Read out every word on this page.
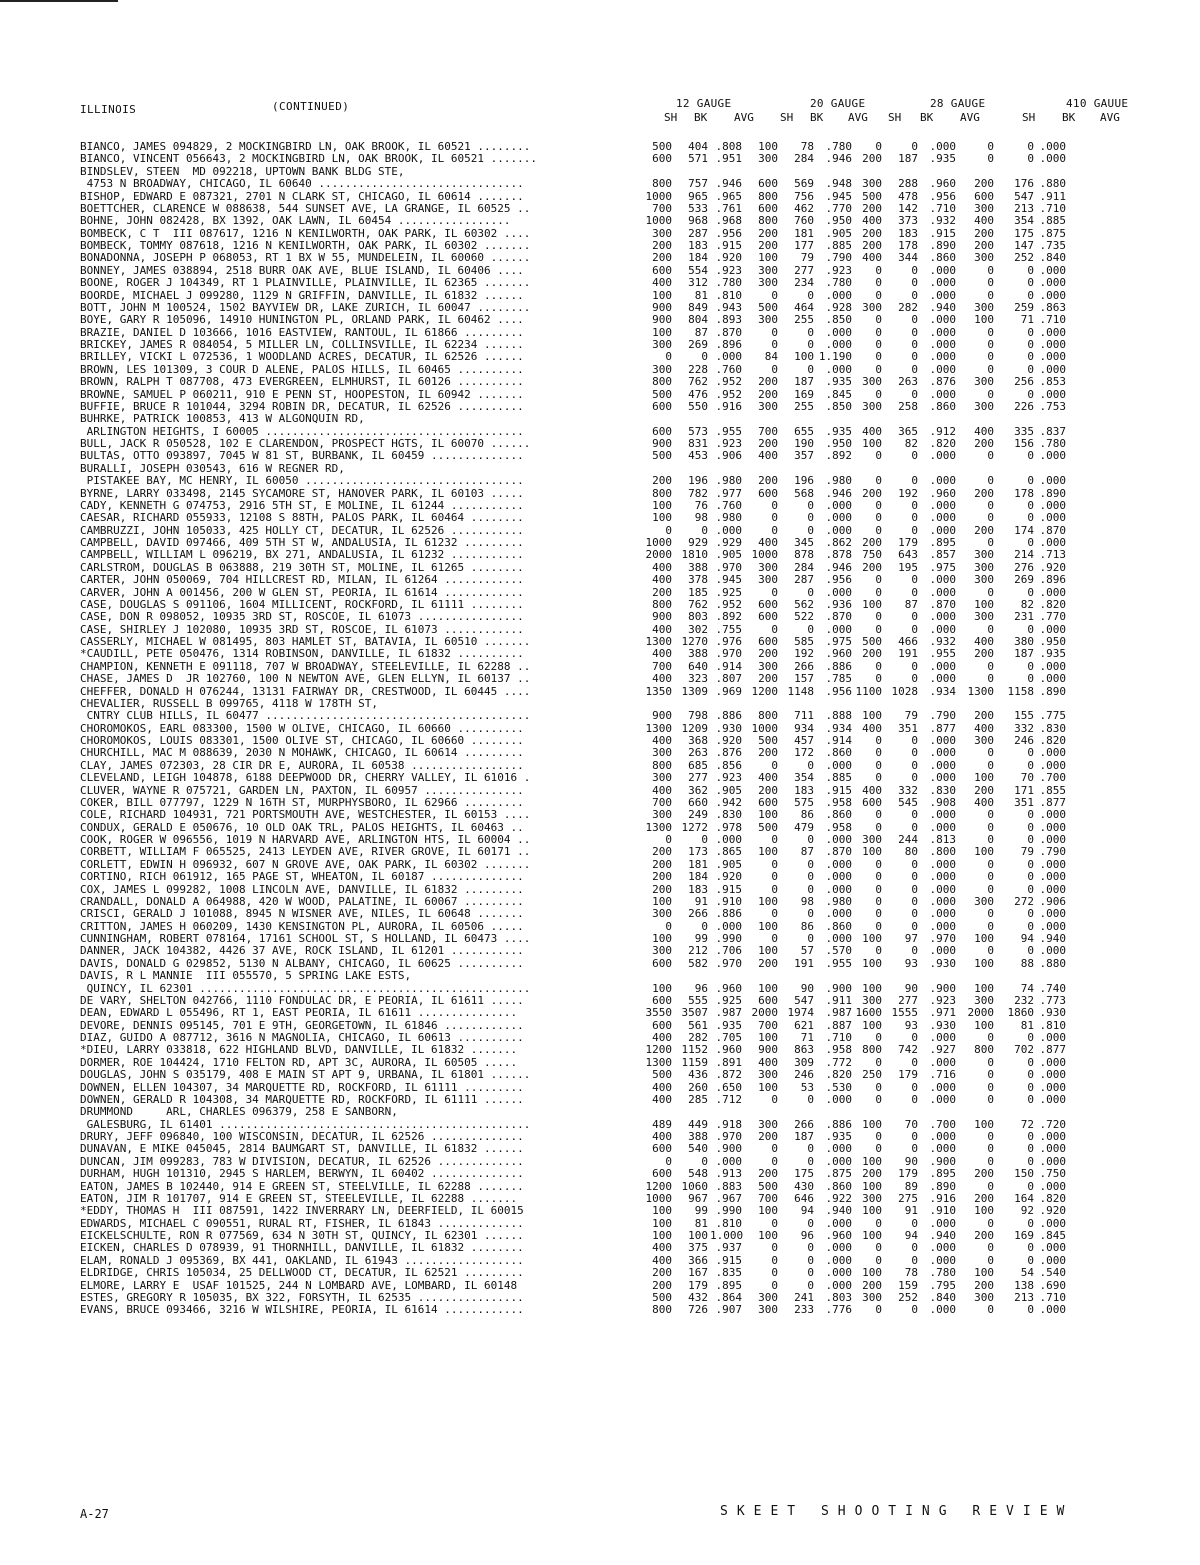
ILLINOIS	(CONTINUED)	12 GAUGE	20 GAUGE	28 GAUGE	410 GAUUE
SH BK AVG SH BK AVG SH BK AVG	SH BK AVG
BIANCO, JAMES 094829, 2 MOCKINGBIRD LN, OAK BROOK, IL 60521 ........	500	404 .808	100	78	.780	0	0	.000	0	0 .000
BIANCO, VINCENT 056643, 2 MOCKINGBIRD LN, OAK BROOK, IL 60521 .......	600	571 .951	300	284	.946 200	187	.935	0	0 .000
BINDSLEV, STEEN  MD 092218, UPTOWN BANK BLDG STE,
4753 N BROADWAY, CHICAGO, IL 60640 ...............................	800	757 .946	600	569	.948 300	288	.960	200	176 .880
BISHOP, EDWARD E 087321, 2701 N CLARK ST, CHICAGO, IL 60614 .......	1000	965 .965	800	756	.945 500	478	.956	600	547 .911
BOETTCHER, CLARENCE W 088638, 544 SUNSET AVE, LA GRANGE, IL 60525 ..	700	533 .761	600	462	.770 200	142	.710	300	213 .710
BOHNE, JOHN 082428, BX 1392, OAK LAWN, IL 60454 .................	1000	968 .968	800	760	.950 400	373	.932	400	354 .885
BOMBECK, C T  III 087617, 1216 N KENILWORTH, OAK PARK, IL 60302 ....	300	287 .956	200	181	.905 200	183	.915	200	175 .875
BOMBECK, TOMMY 087618, 1216 N KENILWORTH, OAK PARK, IL 60302 .......	200	183 .915	200	177	.885 200	178	.890	200	147 .735
BONADONNA, JOSEPH P 068053, RT 1 BX W 55, MUNDELEIN, IL 60060 ......	200	184 .920	100	79	.790 400	344	.860	300	252 .840
BONNEY, JAMES 038894, 2518 BURR OAK AVE, BLUE ISLAND, IL 60406 ....	600	554 .923	300	277	.923	0	0	.000	0	0 .000
BOONE, ROGER J 104349, RT 1 PLAINVILLE, PLAINVILLE, IL 62365 .......	400	312 .780	300	234	.780	0	0	.000	0	0 .000
BOORDE, MICHAEL J 099280, 1129 N GRIFFIN, DANVILLE, IL 61832 ......	100	81 .810	0	0	.000	0	0	.000	0	0 .000
BOTT, JOHN M 100524, 1502 BAYVIEW DR, LAKE ZURICH, IL 60047 ........	900	849 .943	500	464	.928 300	282	.940	300	259 .863
BOYE, GARY R 105096, 14910 HUNINGTON PL, ORLAND PARK, IL 60462 ....	900	804 .893	300	255	.850	0	0	.000	100	71 .710
BRAZIE, DANIEL D 103666, 1016 EASTVIEW, RANTOUL, IL 61866 .........	100	87 .870	0	0	.000	0	0	.000	0	0 .000
BRICKEY, JAMES R 084054, 5 MILLER LN, COLLINSVILLE, IL 62234 ......	300	269 .896	0	0	.000	0	0	.000	0	0 .000
BRILLEY, VICKI L 072536, 1 WOODLAND ACRES, DECATUR, IL 62526 ......	0	0 .000	84	100 1.190	0	0	.000	0	0 .000
BROWN, LES 101309, 3 COUR D ALENE, PALOS HILLS, IL 60465 ..........	300	228 .760	0	0	.000	0	0	.000	0	0 .000
BROWN, RALPH T 087708, 473 EVERGREEN, ELMHURST, IL 60126 ..........	800	762 .952	200	187	.935 300	263	.876	300	256 .853
BROWNE, SAMUEL P 060211, 910 E PENN ST, HOOPESTON, IL 60942 .......	500	476 .952	200	169	.845	0	0	.000	0	0 .000
BUFFIE, BRUCE R 101044, 3294 ROBIN DR, DECATUR, IL 62526 ..........	600	550 .916	300	255	.850 300	258	.860	300	226 .753
BUHRKE, PATRICK 100853, 413 W ALGONQUIN RD,
ARLINGTON HEIGHTS, I 60005 .......................................	600	573 .955	700	655	.935 400	365	.912	400	335 .837
BULL, JACK R 050528, 102 E CLARENDON, PROSPECT HGTS, IL 60070 ......	900	831 .923	200	190	.950 100	82	.820	200	156 .780
BULTAS, OTTO 093897, 7045 W 81 ST, BURBANK, IL 60459 ..............	500	453 .906	400	357	.892	0	0	.000	0	0 .000
BURALLI, JOSEPH 030543, 616 W REGNER RD,
PISTAKEE BAY, MC HENRY, IL 60050 .................................	200	196 .980	200	196	.980	0	0	.000	0	0 .000
BYRNE, LARRY 033498, 2145 SYCAMORE ST, HANOVER PARK, IL 60103 .....	800	782 .977	600	568	.946 200	192	.960	200	178 .890
CADY, KENNETH G 074753, 2916 5TH ST, E MOLINE, IL 61244 ...........	100	76 .760	0	0	.000	0	0	.000	0	0 .000
CAESAR, RICHARD 055933, 12108 S 88TH, PALOS PARK, IL 60464 ........	100	98 .980	0	0	.000	0	0	.000	0	0 .000
CAMBRUZZI, JOHN 105033, 425 HOLLY CT, DECATUR, IL 62526 ...........	0	0 .000	0	0	.000	0	0	.000	200	174 .870
CAMPBELL, DAVID 097466, 409 5TH ST W, ANDALUSIA, IL 61232 .........	1000	929 .929	400	345	.862 200	179	.895	0	0 .000
CAMPBELL, WILLIAM L 096219, BX 271, ANDALUSIA, IL 61232 ...........	2000 1810 .905 1000	878	.878 750	643	.857	300	214 .713
CARLSTROM, DOUGLAS B 063888, 219 30TH ST, MOLINE, IL 61265 ........	400	388 .970	300	284	.946 200	195	.975	300	276 .920
CARTER, JOHN 050069, 704 HILLCREST RD, MILAN, IL 61264 ............	400	378 .945	300	287	.956	0	0	.000	300	269 .896
CARVER, JOHN A 001456, 200 W GLEN ST, PEORIA, IL 61614 ............	200	185 .925	0	0	.000	0	0	.000	0	0 .000
CASE, DOUGLAS S 091106, 1604 MILLICENT, ROCKFORD, IL 61111 ........	800	762 .952	600	562	.936 100	87	.870	100	82 .820
CASE, DON R 098052, 10935 3RD ST, ROSCOE, IL 61073 ................	900	803 .892	600	522	.870	0	0	.000	300	231 .770
CASE, SHIRLEY J 102080, 10935 3RD ST, ROSCOE, IL 61073 ............	400	302 .755	0	0	.000	0	0	.000	0	0 .000
CASSERLY, MICHAEL W 081495, 803 HAMLET ST, BATAVIA, IL 60510 .......	1300 1270 .976	600	585	.975 500	466	.932	400	380 .950
*CAUDILL, PETE 050476, 1314 ROBINSON, DANVILLE, IL 61832 ..........	400	388 .970	200	192	.960 200	191	.955	200	187 .935
CHAMPION, KENNETH E 091118, 707 W BROADWAY, STEELEVILLE, IL 62288 ..	700	640 .914	300	266	.886	0	0	.000	0	0 .000
CHASE, JAMES D  JR 102760, 100 N NEWTON AVE, GLEN ELLYN, IL 60137 ..	400	323 .807	200	157	.785	0	0	.000	0	0 .000
CHEFFER, DONALD H 076244, 13131 FAIRWAY DR, CRESTWOOD, IL 60445 ....	1350 1309 .969 1200 1148	.956 1100 1028	.934	1300	1158 .890
CHEVALIER, RUSSELL B 099765, 4118 W 178TH ST,
CNTRY CLUB HILLS, IL 60477 ........................................	900	798 .886	800	711	.888 100	79	.790	200	155 .775
CHOROMOKOS, EARL 083300, 1500 W OLIVE, CHICAGO, IL 60660 ..........	1300 1209 .930 1000	934	.934 400	351	.877	400	332 .830
CHOROMOKOS, LOUIS 083301, 1500 OLIVE ST, CHICAGO, IL 60660 ........	400	368 .920	500	457	.914	0	0	.000	300	246 .820
CHURCHILL, MAC M 088639, 2030 N MOHAWK, CHICAGO, IL 60614 .........	300	263 .876	200	172	.860	0	0	.000	0	0 .000
CLAY, JAMES 072303, 28 CIR DR E, AURORA, IL 60538 .................	800	685 .856	0	0	.000	0	0	.000	0	0 .000
CLEVELAND, LEIGH 104878, 6188 DEEPWOOD DR, CHERRY VALLEY, IL 61016 .	300	277 .923	400	354	.885	0	0	.000	100	70 .700
CLUVER, WAYNE R 075721, GARDEN LN, PAXTON, IL 60957 ...............	400	362 .905	200	183	.915 400	332	.830	200	171 .855
COKER, BILL 077797, 1229 N 16TH ST, MURPHYSBORO, IL 62966 .........	700	660 .942	600	575	.958 600	545	.908	400	351 .877
COLE, RICHARD 104931, 721 PORTSMOUTH AVE, WESTCHESTER, IL 60153 ....	300	249 .830	100	86	.860	0	0	.000	0	0 .000
CONDUX, GERALD E 050676, 10 OLD OAK TRL, PALOS HEIGHTS, IL 60463 ..	1300 1272 .978	500	479	.958	0	0	.000	0	0 .000
COOK, ROGER W 096556, 1019 N HARVARD AVE, ARLINGTON HTS, IL 60004 ..	0	0 .000	0	0	.000 300	244	.813	0	0 .000
CORBETT, WILLIAM F 065525, 2413 LEYDEN AVE, RIVER GROVE, IL 60171 ..	200	173 .865	100	87	.870 100	80	.800	100	79 .790
CORLETT, EDWIN H 096932, 607 N GROVE AVE, OAK PARK, IL 60302 .......	200	181 .905	0	0	.000	0	0	.000	0	0 .000
CORTINO, RICH 061912, 165 PAGE ST, WHEATON, IL 60187 ..............	200	184 .920	0	0	.000	0	0	.000	0	0 .000
COX, JAMES L 099282, 1008 LINCOLN AVE, DANVILLE, IL 61832 .........	200	183 .915	0	0	.000	0	0	.000	0	0 .000
CRANDALL, DONALD A 064988, 420 W WOOD, PALATINE, IL 60067 .........	100	91 .910	100	98	.980	0	0	.000	300	272 .906
CRISCI, GERALD J 101088, 8945 N WISNER AVE, NILES, IL 60648 .......	300	266 .886	0	0	.000	0	0	.000	0	0 .000
CRITTON, JAMES H 060209, 1430 KENSINGTON PL, AURORA, IL 60506 .....	0	0 .000	100	86	.860	0	0	.000	0	0 .000
CUNNINGHAM, ROBERT 078164, 17161 SCHOOL ST, S HOLLAND, IL 60473 ....	100	99 .990	0	0	.000 100	97	.970	100	94 .940
DANNER, JACK 104382, 4426 37 AVE, ROCK ISLAND, IL 61201 ...........	300	212 .706	100	57	.570	0	0	.000	0	0 .000
DAVIS, DONALD G 029852, 5130 N ALBANY, CHICAGO, IL 60625 ..........	600	582 .970	200	191	.955 100	93	.930	100	88 .880
DAVIS, R L MANNIE  III 055570, 5 SPRING LAKE ESTS,
QUINCY, IL 62301 ..................................................	100	96 .960	100	90	.900 100	90	.900	100	74 .740
DE VARY, SHELTON 042766, 1110 FONDULAC DR, E PEORIA, IL 61611 .....	600	555 .925	600	547	.911 300	277	.923	300	232 .773
DEAN, EDWARD L 055496, RT 1, EAST PEORIA, IL 61611 ...............	3550 3507 .987 2000 1974	.987 1600 1555	.971	2000	1860 .930
DEVORE, DENNIS 095145, 701 E 9TH, GEORGETOWN, IL 61846 ............	600	561 .935	700	621	.887 100	93	.930	100	81 .810
DIAZ, GUIDO A 087712, 3616 N MAGNOLIA, CHICAGO, IL 60613 ..........	400	282 .705	100	71	.710	0	0	.000	0	0 .000
*DIEU, LARRY 033818, 622 HIGHLAND BLVD, DANVILLE, IL 61832 .......	1200 1152 .960	900	863	.958 800	742	.927	800	702 .877
DORMER, ROE 104424, 1710 FELTON RD, APT 3C, AURORA, IL 60505 .....	1300 1159 .891	400	309	.772	0	0	.000	0	0 .000
DOUGLAS, JOHN S 035179, 408 E MAIN ST APT 9, URBANA, IL 61801 ......	500	436 .872	300	246	.820 250	179	.716	0	0 .000
DOWNEN, ELLEN 104307, 34 MARQUETTE RD, ROCKFORD, IL 61111 .........	400	260 .650	100	53	.530	0	0	.000	0	0 .000
DOWNEN, GERALD R 104308, 34 MARQUETTE RD, ROCKFORD, IL 61111 ......	400	285 .712	0	0	.000	0	0	.000	0	0 .000
DRUMMOND     ARL, CHARLES 096379, 258 E SANBORN,
GALESBURG, IL 61401 ...............................................	489	449 .918	300	266	.886 100	70	.700	100	72 .720
DRURY, JEFF 096840, 100 WISCONSIN, DECATUR, IL 62526 ..............	400	388 .970	200	187	.935	0	0	.000	0	0 .000
DUNAVAN, E MIKE 045045, 2814 BAUMGART ST, DANVILLE, IL 61832 ......	600	540 .900	0	0	.000	0	0	.000	0	0 .000
DUNCAN, JIM 099283, 783 W DIVISION, DECATUR, IL 62526 .............	0	0 .000	0	0	.000 100	90	.900	0	0 .000
DURHAM, HUGH 101310, 2945 S HARLEM, BERWYN, IL 60402 ..............	600	548 .913	200	175	.875 200	179	.895	200	150 .750
EATON, JAMES B 102440, 914 E GREEN ST, STEELVILLE, IL 62288 .......	1200 1060 .883	500	430	.860 100	89	.890	0	0 .000
EATON, JIM R 101707, 914 E GREEN ST, STEELEVILLE, IL 62288 .......	1000	967 .967	700	646	.922 300	275	.916	200	164 .820
*EDDY, THOMAS H  III 087591, 1422 INVERRARY LN, DEERFIELD, IL 60015	100	99 .990	100	94	.940 100	91	.910	100	92 .920
EDWARDS, MICHAEL C 090551, RURAL RT, FISHER, IL 61843 .............	100	81 .810	0	0	.000	0	0	.000	0	0 .000
EICKELSCHULTE, RON R 077569, 634 N 30TH ST, QUINCY, IL 62301 ......	100	100 1.000	100	96	.960 100	94	.940	200	169 .845
EICKEN, CHARLES D 078939, 91 THORNHILL, DANVILLE, IL 61832 ........	400	375 .937	0	0	.000	0	0	.000	0	0 .000
ELAM, RONALD J 095369, BX 441, OAKLAND, IL 61943 ..................	400	366 .915	0	0	.000	0	0	.000	0	0 .000
ELDRIDGE, CHRIS 105034, 25 DELLWOOD CT, DECATUR, IL 62521 .........	200	167 .835	0	0	.000 100	78	.780	100	54 .540
ELMORE, LARRY E  USAF 101525, 244 N LOMBARD AVE, LOMBARD, IL 60148	200	179 .895	0	0	.000 200	159	.795	200	138 .690
ESTES, GREGORY R 105035, BX 322, FORSYTH, IL 62535 ................	500	432 .864	300	241	.803 300	252	.840	300	213 .710
EVANS, BRUCE 093466, 3216 W WILSHIRE, PEORIA, IL 61614 ............	800	726 .907	300	233	.776	0	0	.000	0	0 .000
A-27	SKEET SHOOTING REVIEW
